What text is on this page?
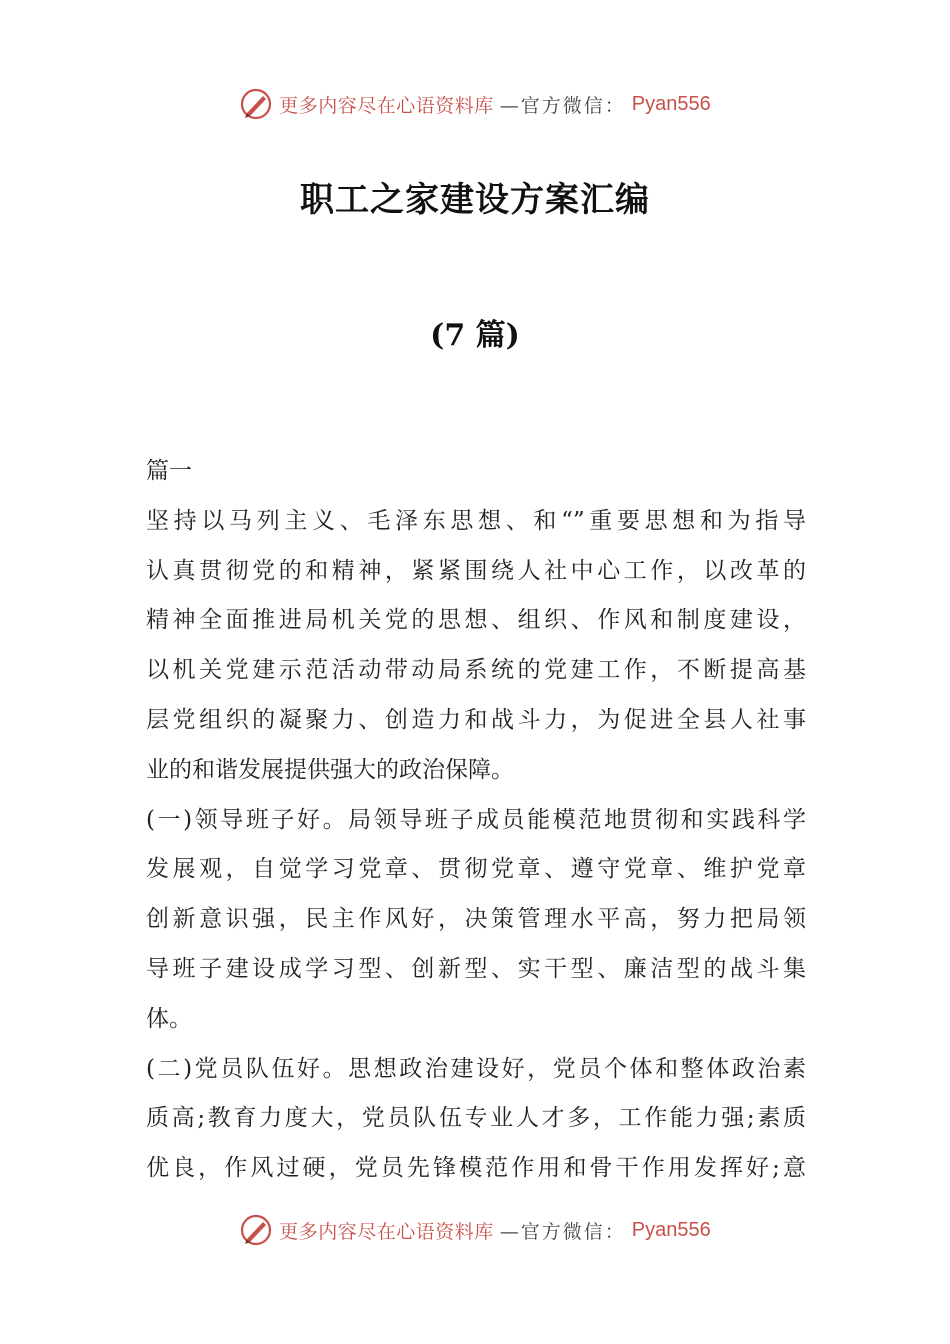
更多内容尽在心语资料库 —官方微信： Pyan556
职工之家建设方案汇编
(7 篇)
篇一
坚持以马列主义、毛泽东思想、和“”重要思想和为指导
认真贯彻党的和精神，紧紧围绕人社中心工作，以改革的
精神全面推进局机关党的思想、组织、作风和制度建设，
以机关党建示范活动带动局系统的党建工作，不断提高基
层党组织的凝聚力、创造力和战斗力，为促进全县人社事
业的和谐发展提供强大的政治保障。
(一)领导班子好。局领导班子成员能模范地贯彻和实践科学
发展观，自觉学习党章、贯彻党章、遵守党章、维护党章
创新意识强，民主作风好，决策管理水平高，努力把局领
导班子建设成学习型、创新型、实干型、廉洁型的战斗集
体。
(二)党员队伍好。思想政治建设好，党员个体和整体政治素
质高;教育力度大，党员队伍专业人才多，工作能力强;素质
优良，作风过硬，党员先锋模范作用和骨干作用发挥好;意
更多内容尽在心语资料库 —官方微信： Pyan556
